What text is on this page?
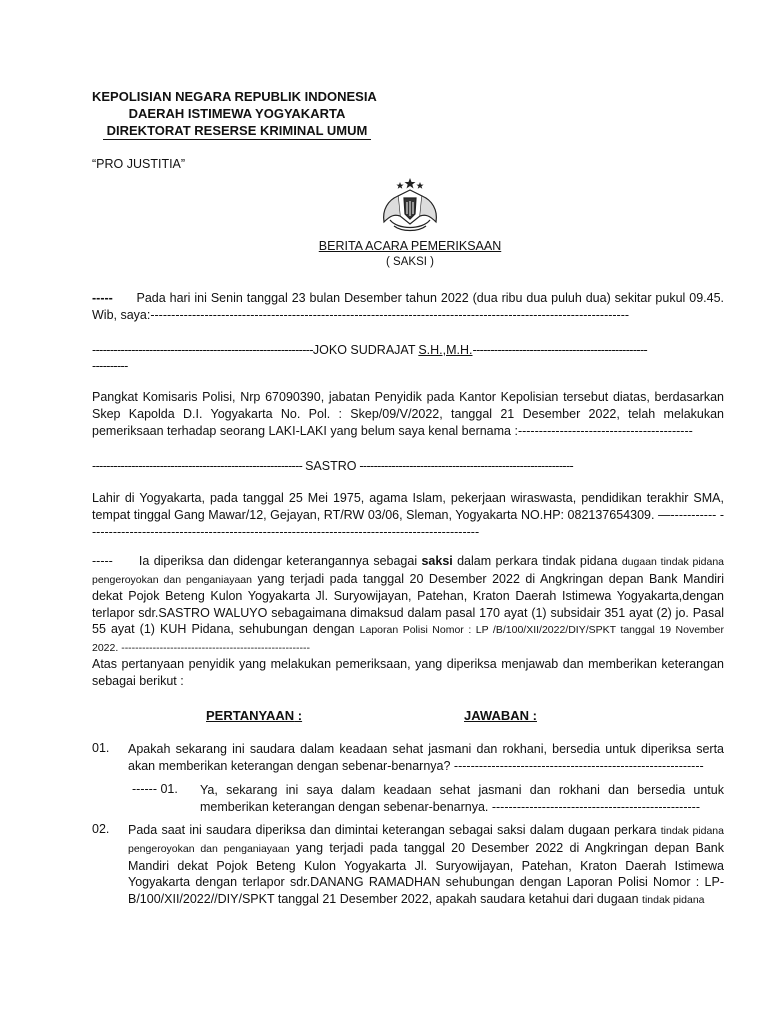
KEPOLISIAN NEGARA REPUBLIK INDONESIA
DAERAH ISTIMEWA YOGYAKARTA
DIREKTORAT RESERSE KRIMINAL UMUM
“PRO JUSTITIA”
BERITA ACARA PEMERIKSAAN
( SAKSI )
----- Pada hari ini Senin tanggal 23 bulan Desember tahun 2022 (dua ribu dua puluh dua) sekitar pukul 09.45. Wib, saya:-------------------------------------------------------------------------------------------------------------------
--------------------------------------------------------------JOKO SUDRAJAT S.H.,M.H.-------------------------------------------------
----------
Pangkat Komisaris Polisi, Nrp 67090390, jabatan Penyidik pada Kantor Kepolisian tersebut diatas, berdasarkan Skep Kapolda D.I. Yogyakarta No. Pol. : Skep/09/V/2022, tanggal 21 Desember 2022, telah melakukan pemeriksaan terhadap seorang LAKI-LAKI yang belum saya kenal bernama :------------------------------------------
----------------------------------------------------------- SASTRO ------------------------------------------------------------
Lahir di Yogyakarta, pada tanggal 25 Mei 1975, agama Islam, pekerjaan wiraswasta, pendidikan terakhir SMA, tempat tinggal Gang Mawar/12, Gejayan, RT/RW 03/06, Sleman, Yogyakarta NO.HP: 082137654309. —----------- ----------------------------------------------------------------------------------------------
----- Ia diperiksa dan didengar keterangannya sebagai saksi dalam perkara tindak pidana dugaan tindak pidana pengeroyokan dan penganiayaan yang terjadi pada tanggal 20 Desember 2022 di Angkringan depan Bank Mandiri dekat Pojok Beteng Kulon Yogyakarta Jl. Suryowijayan, Patehan, Kraton Daerah Istimewa Yogyakarta,dengan terlapor sdr.SASTRO WALUYO sebagaimana dimaksud dalam pasal 170 ayat (1) subsidair 351 ayat (2) jo. Pasal 55 ayat (1) KUH Pidana, sehubungan dengan Laporan Polisi Nomor : LP /B/100/XII/2022/DIY/SPKT tanggal 19 November 2022. ------------------------------------------------------
Atas pertanyaan penyidik yang melakukan pemeriksaan, yang diperiksa menjawab dan memberikan keterangan sebagai berikut :
PERTANYAAN :	JAWABAN :
01. Apakah sekarang ini saudara dalam keadaan sehat jasmani dan rokhani, bersedia untuk diperiksa serta akan memberikan keterangan dengan sebenar-benarnya? ------------------------------------------------------------
------ 01. Ya, sekarang ini saya dalam keadaan sehat jasmani dan rokhani dan bersedia untuk memberikan keterangan dengan sebenar-benarnya. --------------------------------------------------
02. Pada saat ini saudara diperiksa dan dimintai keterangan sebagai saksi dalam dugaan perkara tindak pidana pengeroyokan dan penganiayaan yang terjadi pada tanggal 20 Desember 2022 di Angkringan depan Bank Mandiri dekat Pojok Beteng Kulon Yogyakarta Jl. Suryowijayan, Patehan, Kraton Daerah Istimewa Yogyakarta dengan terlapor sdr.DANANG RAMADHAN sehubungan dengan Laporan Polisi Nomor : LP-B/100/XII/2022//DIY/SPKT tanggal 21 Desember 2022, apakah saudara ketahui dari dugaan tindak pidana
